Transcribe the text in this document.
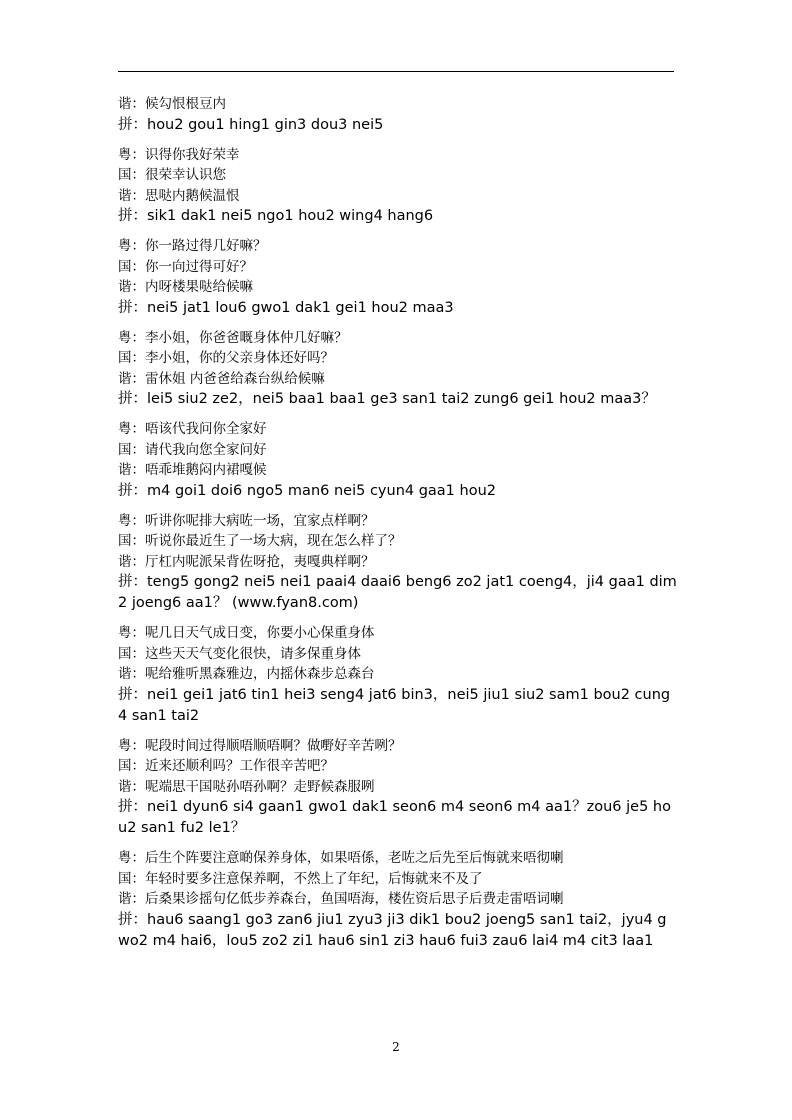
谐：候勾恨根豆内
拼：hou2 gou1 hing1 gin3 dou3 nei5
粤：识得你我好荣幸
国：很荣幸认识您
谐：思哒内鹅候温恨
拼：sik1 dak1 nei5 ngo1 hou2 wing4 hang6
粤：你一路过得几好嘛？
国：你一向过得可好？
谐：内呀楼果哒给候嘛
拼：nei5 jat1 lou6 gwo1 dak1 gei1 hou2 maa3
粤：李小姐，你爸爸嘅身体仲几好嘛？
国：李小姐，你的父亲身体还好吗？
谐：雷休姐 内爸爸给森台纵给候嘛
拼：lei5 siu2 ze2，nei5 baa1 baa1 ge3 san1 tai2 zung6 gei1 hou2 maa3？
粤：唔该代我问你全家好
国：请代我向您全家问好
谐：唔乖堆鹅闷内裙嘎候
拼：m4 goi1 doi6 ngo5 man6 nei5 cyun4 gaa1 hou2
粤：听讲你呢排大病咗一场，宜家点样啊？
国：听说你最近生了一场大病，现在怎么样了？
谐：厅杠内呢派呆背佐呀抢，夷嘎典样啊？
拼：teng5 gong2 nei5 nei1 paai4 daai6 beng6 zo2 jat1 coeng4，ji4 gaa1 dim2 joeng6 aa1？ (www.fyan8.com)
粤：呢几日天气成日变，你要小心保重身体
国：这些天天气变化很快，请多保重身体
谐：呢给雅听黑森雅边，内摇休森步总森台
拼：nei1 gei1 jat6 tin1 hei3 seng4 jat6 bin3，nei5 jiu1 siu2 sam1 bou2 cung4 san1 tai2
粤：呢段时间过得顺唔顺唔啊？做嘢好辛苦咧？
国：近来还顺利吗？工作很辛苦吧？
谐：呢端思干国哒孙唔孙啊？走野候森服咧
拼：nei1 dyun6 si4 gaan1 gwo1 dak1 seon6 m4 seon6 m4 aa1？zou6 je5 hou2 san1 fu2 le1？
粤：后生个阵要注意啲保养身体，如果唔係，老咗之后先至后悔就来唔彻喇
国：年轻时要多注意保养啊，不然上了年纪，后悔就来不及了
谐：后桑果诊摇句亿低步养森台，鱼国唔海，楼佐资后思子后费走雷唔词喇
拼：hau6 saang1 go3 zan6 jiu1 zyu3 ji3 dik1 bou2 joeng5 san1 tai2，jyu4 gwo2 m4 hai6，lou5 zo2 zi1 hau6 sin1 zi3 hau6 fui3 zau6 lai4 m4 cit3 laa1
2
